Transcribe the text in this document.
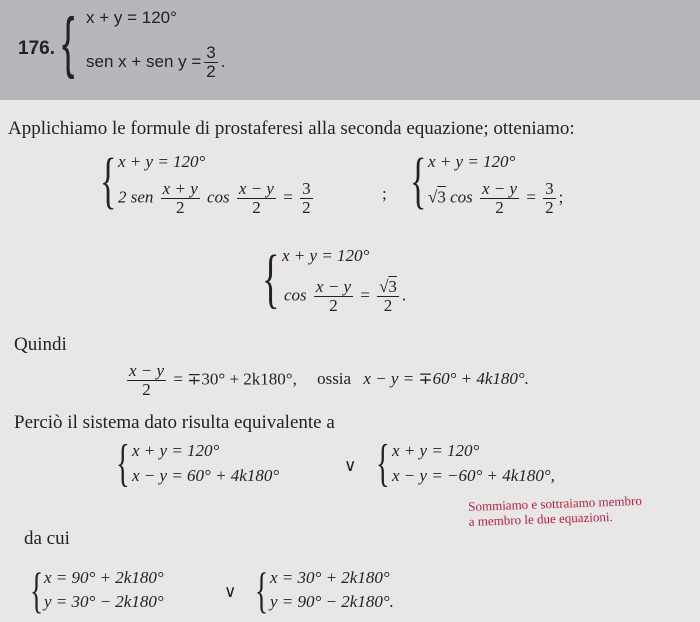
176. { x + y = 120°
sen x + sen $y = \frac{3}{2}$ .
Applichiamo le formule di prostaferesi alla seconda equazione; otteniamo:
{ x + y = 120°
2 sen $\frac{x + y}{2}$ $\cos \frac{x - y}{2} = \frac{3}{2}$	; { x + y = 120°
√3 $\cos \frac{x - y}{2} = \frac{3}{2}$ ;

{ x + y = 120°
$\cos \frac{x - y}{2} = \frac{√3}{2}$ .
Quindi
$\frac{x - y}{2} = \mp 30^\circ + 2k180^\circ$, ossia x − y = ∓60° + 4k180°.
Perciò il sistema dato risulta equivalente a
{ x + y = 120°
x − y = 60° + 4k180°
∨ { x + y = 120°
x − y = −60° + 4k180°,
Sommiamo e sottraiamo membro
a membro le due equazioni.
da cui
{ x = 90° + 2k180°
y = 30° − 2k180°
∨ { x = 30° + 2k180°
y = 90° − 2k180°.
